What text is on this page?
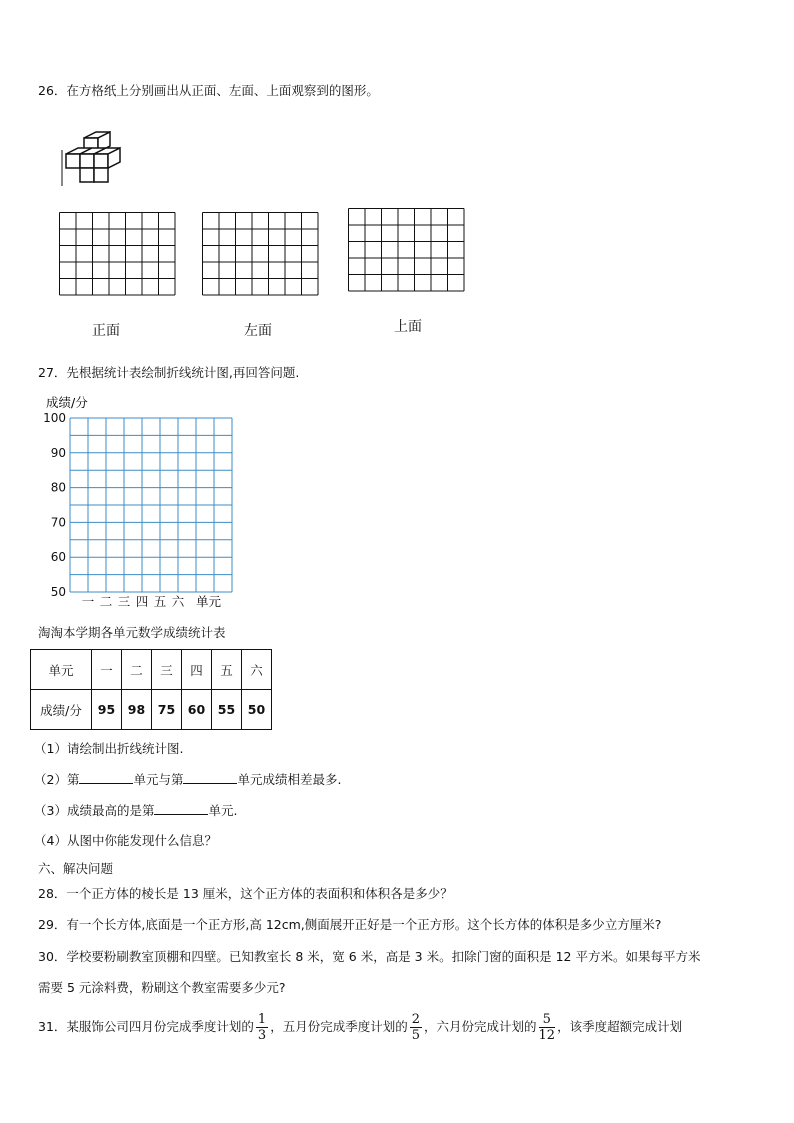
26．在方格纸上分别画出从正面、左面、上面观察到的图形。
正面	左面	上面
27．先根据统计表绘制折线统计图,再回答问题.
成绩/分
100
90
80
70
60
50
一 二 三 四 五 六 单元
淘淘本学期各单元数学成绩统计表
单元	一	二	三	四	五	六
成绩/分	95	98	75	60	55	50
（1）请绘制出折线统计图.
（2）第	单元与第	单元成绩相差最多.
（3）成绩最高的是第	单元.
（4）从图中你能发现什么信息？
六、解决问题
28．一个正方体的棱长是 13 厘米，这个正方体的表面积和体积各是多少？
29．有一个长方体,底面是一个正方形,高 12cm,侧面展开正好是一个正方形。这个长方体的体积是多少立方厘米?
30．学校要粉刷教室顶棚和四壁。已知教室长 8 米，宽 6 米，高是 3 米。扣除门窗的面积是 12 平方米。如果每平方米
需要 5 元涂料费，粉刷这个教室需要多少元?
31．某服饰公司四月份完成季度计划的 $\frac{1}{3}$ ，五月份完成季度计划的 $\frac{2}{5}$ ，六月份完成计划的 $\frac{5}{12}$ ，该季度超额完成计划
